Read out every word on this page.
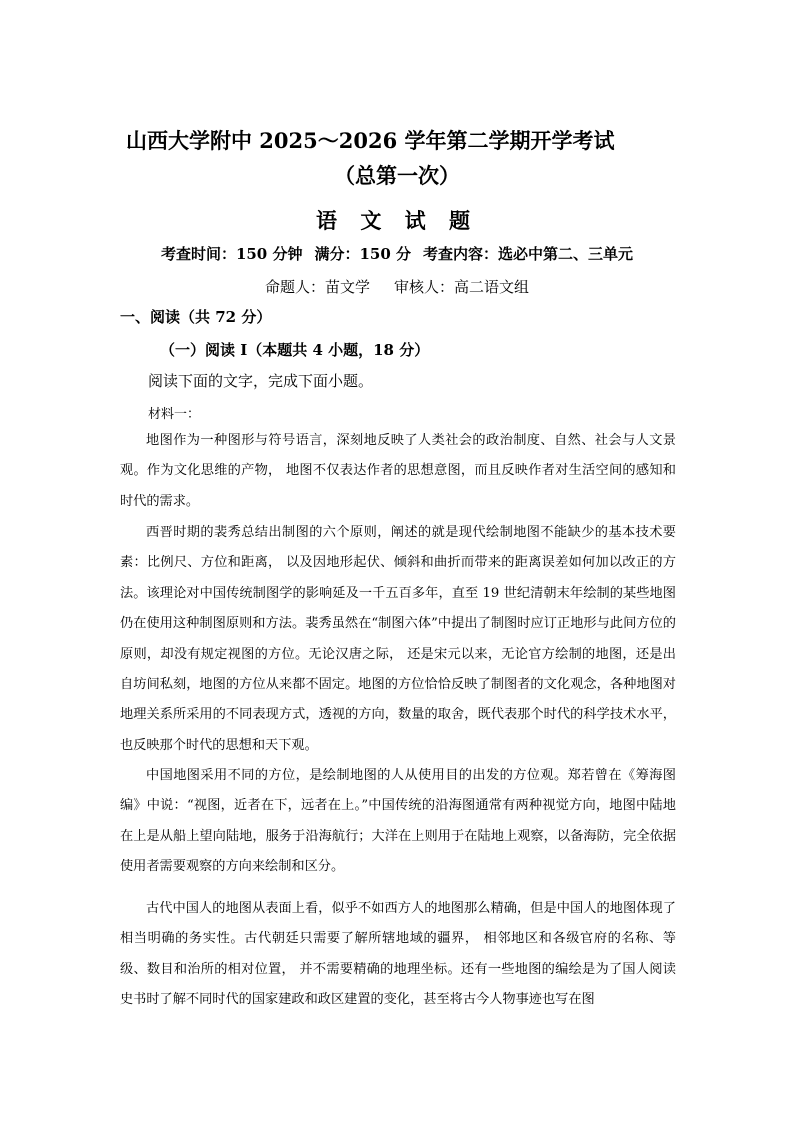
山西大学附中 2025～2026 学年第二学期开学考试
（总第一次）
语 文 试 题
考查时间：150 分钟 满分：150 分 考查内容：选必中第二、三单元
命题人：苗文学 审核人：高二语文组
一、阅读（共 72 分）
（一）阅读 I（本题共 4 小题，18 分）
阅读下面的文字，完成下面小题。
材料一：

地图作为一种图形与符号语言，深刻地反映了人类社会的政治制度、自然、社会与人文景观。作为文化思维的产物， 地图不仅表达作者的思想意图，而且反映作者对生活空间的感知和时代的需求。

西晋时期的裴秀总结出制图的六个原则，阐述的就是现代绘制地图不能缺少的基本技术要素：比例尺、方位和距离， 以及因地形起伏、倾斜和曲折而带来的距离误差如何加以改正的方法。该理论对中国传统制图学的影响延及一千五百多年，直至 19 世纪清朝末年绘制的某些地图仍在使用这种制图原则和方法。裴秀虽然在“制图六体”中提出了制图时应订正地形与此间方位的原则，却没有规定视图的方位。无论汉唐之际， 还是宋元以来，无论官方绘制的地图，还是出自坊间私刻，地图的方位从来都不固定。地图的方位恰恰反映了制图者的文化观念，各种地图对地理关系所采用的不同表现方式，透视的方向，数量的取舍，既代表那个时代的科学技术水平，也反映那个时代的思想和天下观。

中国地图采用不同的方位，是绘制地图的人从使用目的出发的方位观。郑若曾在《筹海图编》中说：“视图，近者在下，远者在上。”中国传统的沿海图通常有两种视觉方向，地图中陆地在上是从船上望向陆地，服务于沿海航行；大洋在上则用于在陆地上观察，以备海防，完全依据使用者需要观察的方向来绘制和区分。

古代中国人的地图从表面上看，似乎不如西方人的地图那么精确，但是中国人的地图体现了相当明确的务实性。古代朝廷只需要了解所辖地域的疆界， 相邻地区和各级官府的名称、等级、数目和治所的相对位置， 并不需要精确的地理坐标。还有一些地图的编绘是为了国人阅读史书时了解不同时代的国家建政和政区建置的变化，甚至将古今人物事迹也写在图
